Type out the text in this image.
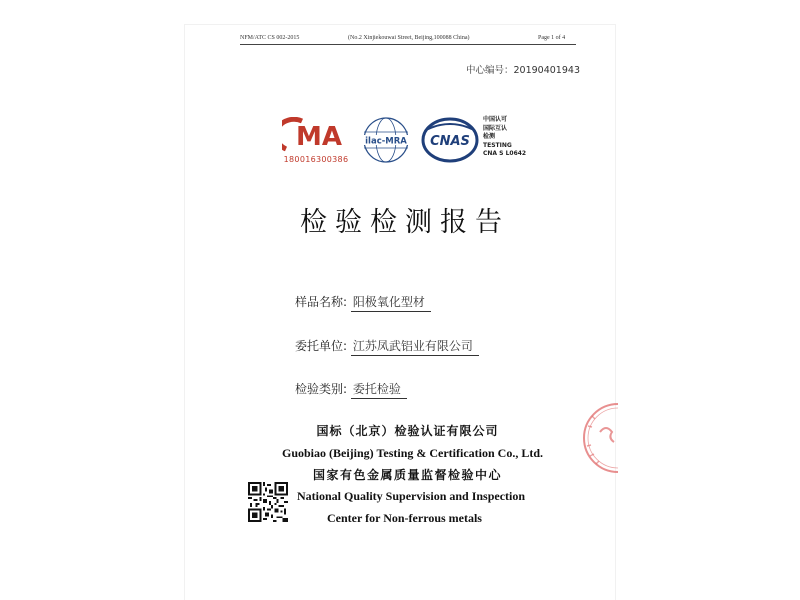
NFM/ATC CS 002-2015	(No.2 Xinjiekouwai Street, Beijing,100088 China)	Page 1 of 4
中心编号：20190401943
MA
180016300386
ilac-MRA CNAS
中国认可
国际互认
检测
TESTING
CNA S L0642
检验检测报告
样品名称: 阳极氧化型材
委托单位: 江苏凤武铝业有限公司
检验类别: 委托检验
国标（北京）检验认证有限公司
Guobiao (Beijing) Testing & Certification Co., Ltd.
国家有色金属质量监督检验中心
National Quality Supervision and Inspection
Center for Non-ferrous metals
